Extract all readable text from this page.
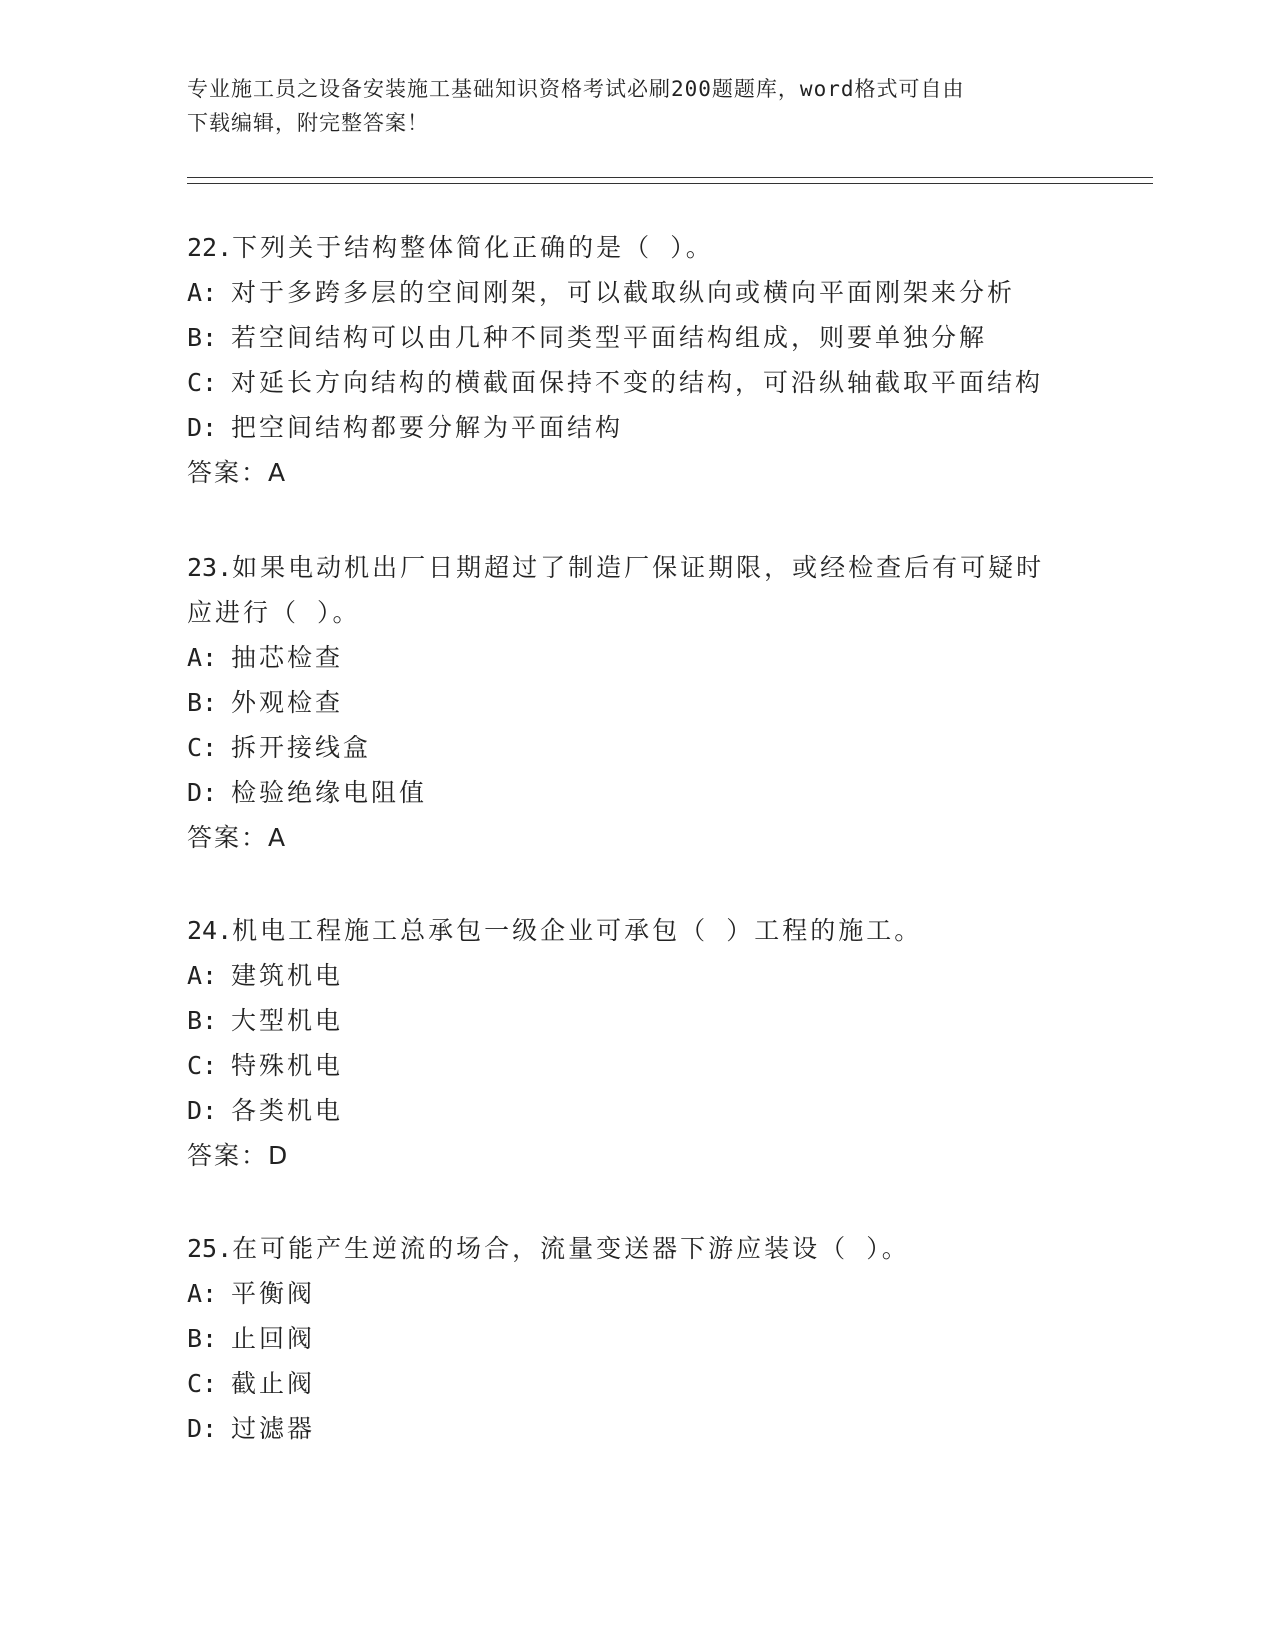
专业施工员之设备安装施工基础知识资格考试必刷200题题库，word格式可自由
下载编辑，附完整答案！
22.下列关于结构整体简化正确的是（ ）。
A: 对于多跨多层的空间刚架，可以截取纵向或横向平面刚架来分析
B: 若空间结构可以由几种不同类型平面结构组成，则要单独分解
C: 对延长方向结构的横截面保持不变的结构，可沿纵轴截取平面结构
D: 把空间结构都要分解为平面结构
答案：A
23.如果电动机出厂日期超过了制造厂保证期限，或经检查后有可疑时
应进行（ ）。
A: 抽芯检查
B: 外观检查
C: 拆开接线盒
D: 检验绝缘电阻值
答案：A
24.机电工程施工总承包一级企业可承包（ ）工程的施工。
A: 建筑机电
B: 大型机电
C: 特殊机电
D: 各类机电
答案：D
25.在可能产生逆流的场合，流量变送器下游应装设（ ）。
A: 平衡阀
B: 止回阀
C: 截止阀
D: 过滤器
